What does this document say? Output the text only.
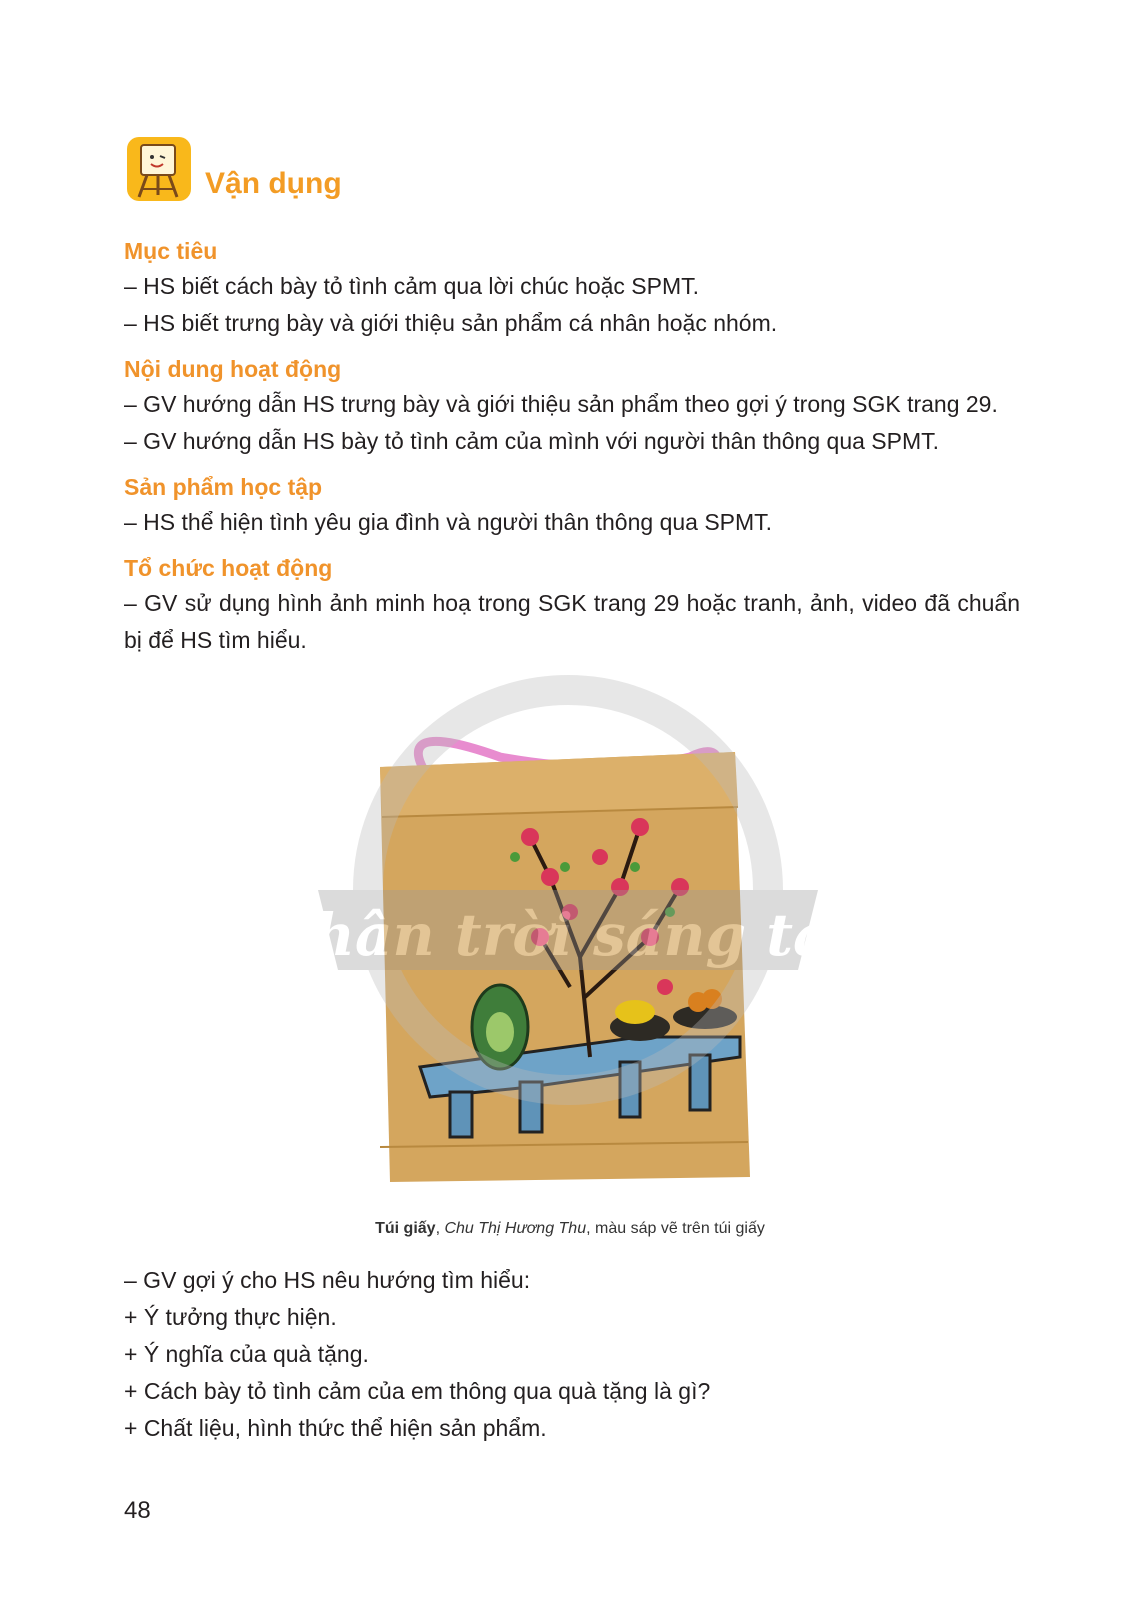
Vận dụng
Mục tiêu
– HS biết cách bày tỏ tình cảm qua lời chúc hoặc SPMT.
– HS biết trưng bày và giới thiệu sản phẩm cá nhân hoặc nhóm.
Nội dung hoạt động
– GV hướng dẫn HS trưng bày và giới thiệu sản phẩm theo gợi ý trong SGK trang 29.
– GV hướng dẫn HS bày tỏ tình cảm của mình với người thân thông qua SPMT.
Sản phẩm học tập
– HS thể hiện tình yêu gia đình và người thân thông qua SPMT.
Tổ chức hoạt động
– GV sử dụng hình ảnh minh hoạ trong SGK trang 29 hoặc tranh, ảnh, video đã chuẩn bị để HS tìm hiểu.
Chân trời sáng tạo
Túi giấy, Chu Thị Hương Thu, màu sáp vẽ trên túi giấy
– GV gợi ý cho HS nêu hướng tìm hiểu:
+ Ý tưởng thực hiện.
+ Ý nghĩa của quà tặng.
+ Cách bày tỏ tình cảm của em thông qua quà tặng là gì?
+ Chất liệu, hình thức thể hiện sản phẩm.
48
